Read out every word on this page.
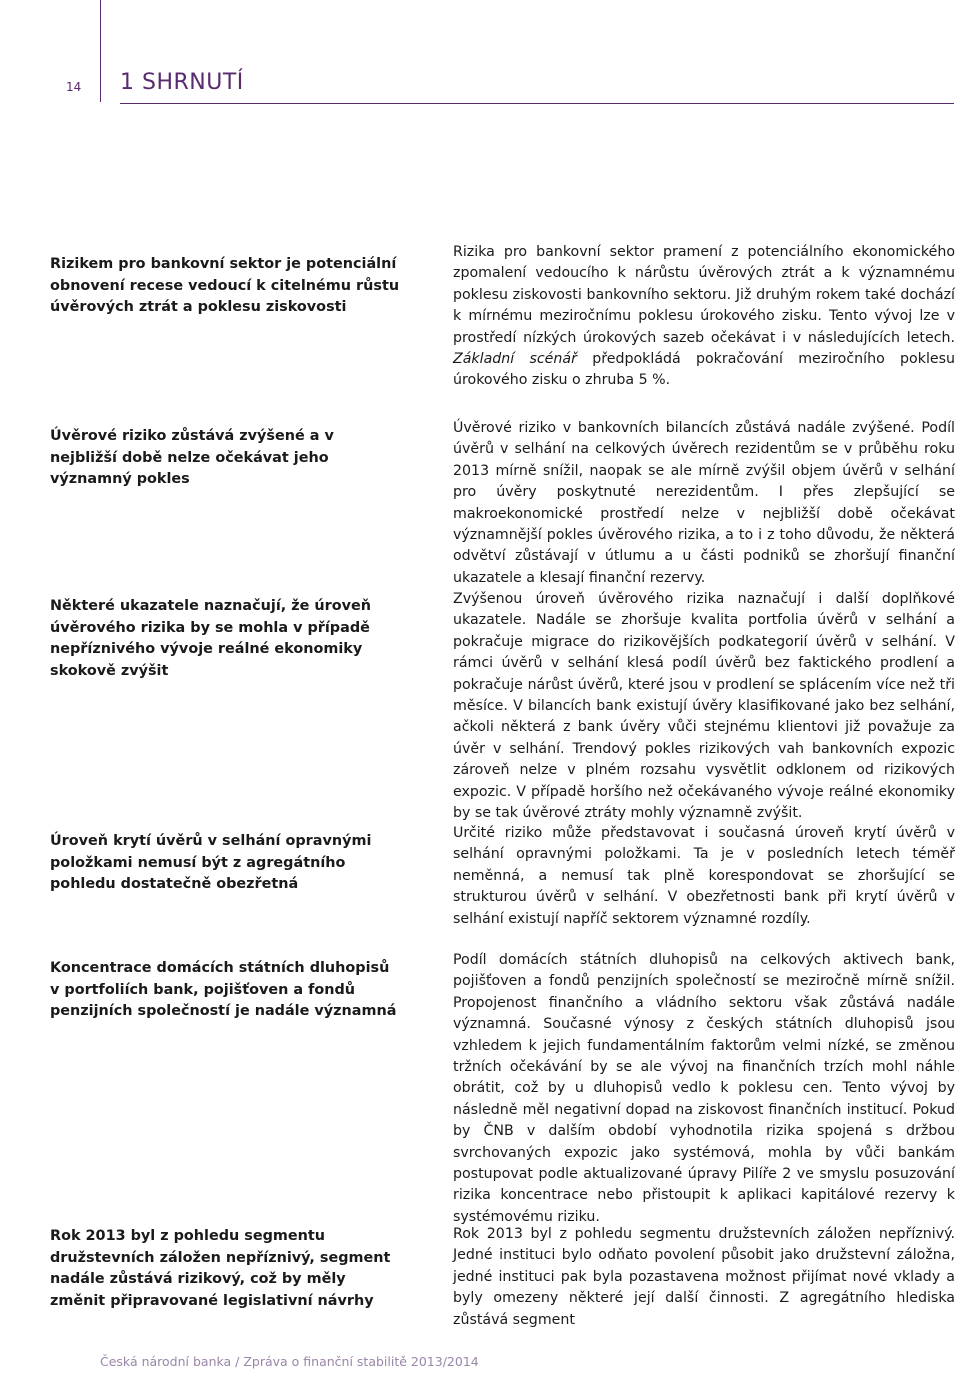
14 1 SHRNUTÍ
Rizikem pro bankovní sektor je potenciální obnovení recese vedoucí k citelnému růstu úvěrových ztrát a poklesu ziskovosti
Rizika pro bankovní sektor pramení z potenciálního ekonomického zpomalení vedoucího k nárůstu úvěrových ztrát a k významnému poklesu ziskovosti bankovního sektoru. Již druhým rokem také dochází k mírnému meziročnímu poklesu úrokového zisku. Tento vývoj lze v prostředí nízkých úrokových sazeb očekávat i v následujících letech. Základní scénář předpokládá pokračování meziročního poklesu úrokového zisku o zhruba 5 %.
Úvěrové riziko zůstává zvýšené a v nejbližší době nelze očekávat jeho významný pokles
Úvěrové riziko v bankovních bilancích zůstává nadále zvýšené. Podíl úvěrů v selhání na celkových úvěrech rezidentům se v průběhu roku 2013 mírně snížil, naopak se ale mírně zvýšil objem úvěrů v selhání pro úvěry poskytnuté nerezidentům. I přes zlepšující se makroekonomické prostředí nelze v nejbližší době očekávat významnější pokles úvěrového rizika, a to i z toho důvodu, že některá odvětví zůstávají v útlumu a u části podniků se zhoršují finanční ukazatele a klesají finanční rezervy.
Některé ukazatele naznačují, že úroveň úvěrového rizika by se mohla v případě nepříznivého vývoje reálné ekonomiky skokově zvýšit
Zvýšenou úroveň úvěrového rizika naznačují i další doplňkové ukazatele. Nadále se zhoršuje kvalita portfolia úvěrů v selhání a pokračuje migrace do rizikovějších podkategorií úvěrů v selhání. V rámci úvěrů v selhání klesá podíl úvěrů bez faktického prodlení a pokračuje nárůst úvěrů, které jsou v prodlení se splácením více než tři měsíce. V bilancích bank existují úvěry klasifikované jako bez selhání, ačkoli některá z bank úvěry vůči stejnému klientovi již považuje za úvěr v selhání. Trendový pokles rizikových vah bankovních expozic zároveň nelze v plném rozsahu vysvětlit odklonem od rizikových expozic. V případě horšího než očekávaného vývoje reálné ekonomiky by se tak úvěrové ztráty mohly významně zvýšit.
Úroveň krytí úvěrů v selhání opravnými položkami nemusí být z agregátního pohledu dostatečně obezřetná
Určité riziko může představovat i současná úroveň krytí úvěrů v selhání opravnými položkami. Ta je v posledních letech téměř neměnná, a nemusí tak plně korespondovat se zhoršující se strukturou úvěrů v selhání. V obezřetnosti bank při krytí úvěrů v selhání existují napříč sektorem významné rozdíly.
Koncentrace domácích státních dluhopisů v portfoliích bank, pojišťoven a fondů penzijních společností je nadále významná
Podíl domácích státních dluhopisů na celkových aktivech bank, pojišťoven a fondů penzijních společností se meziročně mírně snížil. Propojenost finančního a vládního sektoru však zůstává nadále významná. Současné výnosy z českých státních dluhopisů jsou vzhledem k jejich fundamentálním faktorům velmi nízké, se změnou tržních očekávání by se ale vývoj na finančních trzích mohl náhle obrátit, což by u dluhopisů vedlo k poklesu cen. Tento vývoj by následně měl negativní dopad na ziskovost finančních institucí. Pokud by ČNB v dalším období vyhodnotila rizika spojená s držbou svrchovaných expozic jako systémová, mohla by vůči bankám postupovat podle aktualizované úpravy Pilíře 2 ve smyslu posuzování rizika koncentrace nebo přistoupit k aplikaci kapitálové rezervy k systémovému riziku.
Rok 2013 byl z pohledu segmentu družstevních záložen nepříznivý, segment nadále zůstává rizikový, což by měly změnit připravované legislativní návrhy
Rok 2013 byl z pohledu segmentu družstevních záložen nepříznivý. Jedné instituci bylo odňato povolení působit jako družstevní záložna, jedné instituci pak byla pozastavena možnost přijímat nové vklady a byly omezeny některé její další činnosti. Z agregátního hlediska zůstává segment
Česká národní banka / Zpráva o finanční stabilitě 2013/2014
